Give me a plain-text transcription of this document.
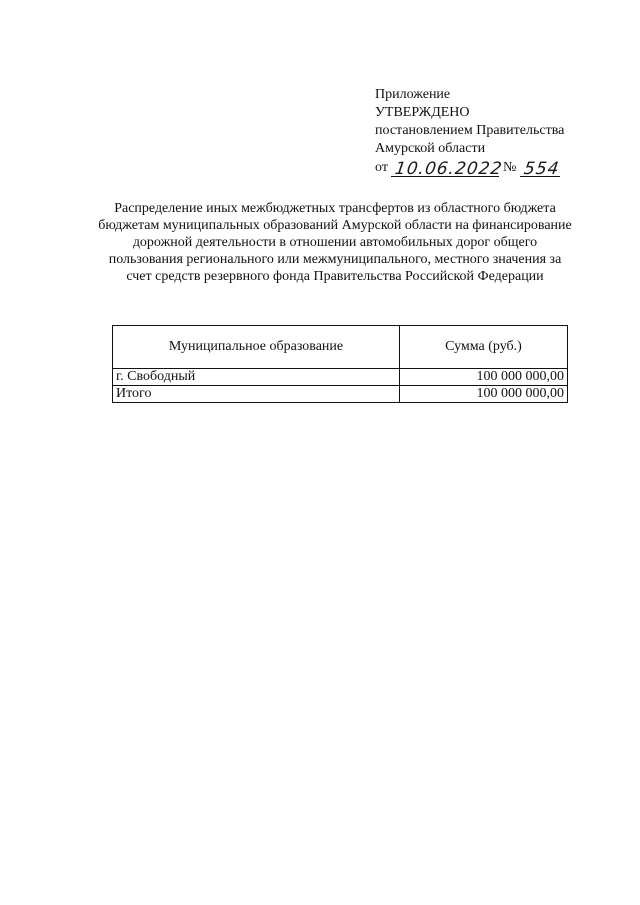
Приложение
УТВЕРЖДЕНО
постановлением Правительства
Амурской области
от 10.06.2022
№ 554
Распределение иных межбюджетных трансфертов из областного бюджета бюджетам муниципальных образований Амурской области на финансирование дорожной деятельности в отношении автомобильных дорог общего пользования регионального или межмуниципального, местного значения за счет средств резервного фонда Правительства Российской Федерации
Муниципальное образование	Сумма (руб.)
г. Свободный	100 000 000,00
Итого	100 000 000,00
